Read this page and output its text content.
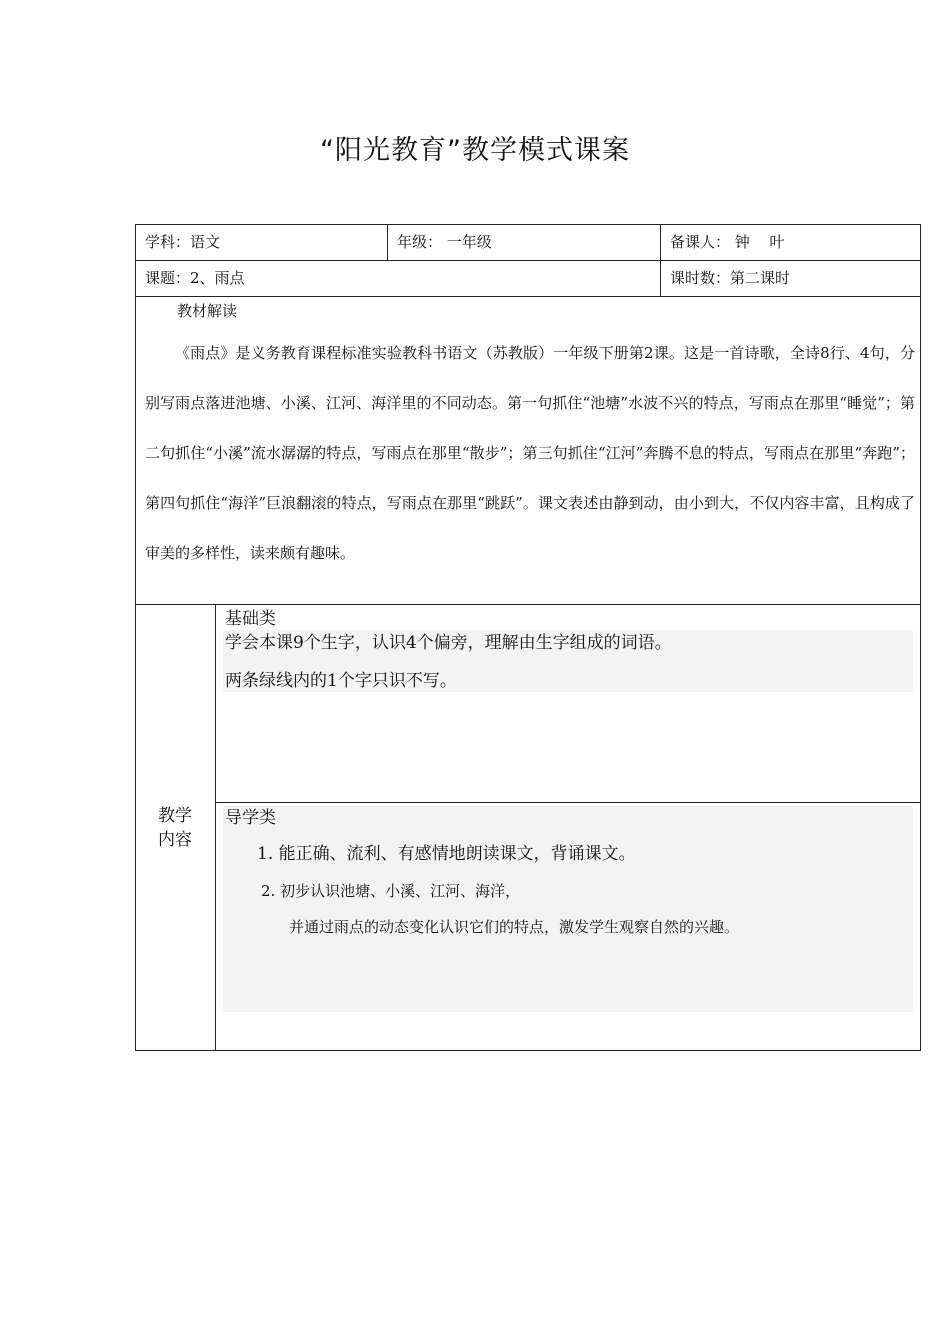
“阳光教育”教学模式课案
学科：语文	年级： 一年级	备课人： 钟　 叶
课题：2、雨点	课时数：第二课时
教材解读
《雨点》是义务教育课程标准实验教科书语文（苏教版）一年级下册第2课。这是一首诗歌，全诗8行、4句，分别写雨点落进池塘、小溪、江河、海洋里的不同动态。第一句抓住“池塘”水波不兴的特点，写雨点在那里“睡觉”；第二句抓住“小溪”流水潺潺的特点，写雨点在那里“散步”；第三句抓住“江河”奔腾不息的特点，写雨点在那里“奔跑”；第四句抓住“海洋”巨浪翻滚的特点，写雨点在那里“跳跃”。课文表述由静到动，由小到大，不仅内容丰富，且构成了审美的多样性，读来颇有趣味。
教学
内容
基础类
学会本课9个生字，认识4个偏旁，理解由生字组成的词语。
两条绿线内的1个字只识不写。
导学类
1. 能正确、流利、有感情地朗读课文，背诵课文。
2. 初步认识池塘、小溪、江河、海洋，
并通过雨点的动态变化认识它们的特点，激发学生观察自然的兴趣。
